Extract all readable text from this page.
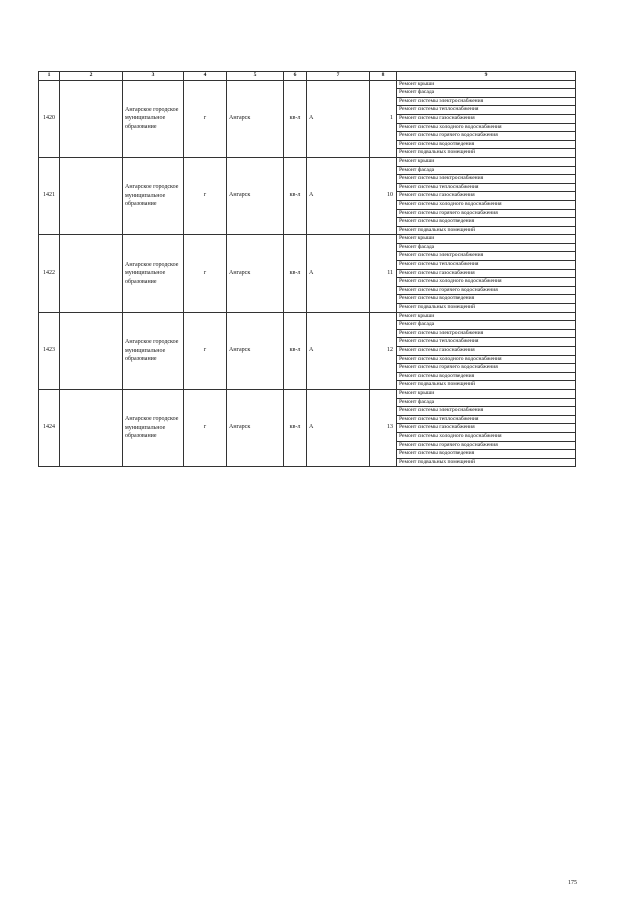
1	2	3	4	5	6	7	8	9
1420		Ангарское городское муниципальное образование	г	Ангарск	кв-л	А	1	Ремонт крыши
								Ремонт фасада
								Ремонт системы электроснабжения
								Ремонт системы теплоснабжения
								Ремонт системы газоснабжения
								Ремонт системы холодного водоснабжения
								Ремонт системы горячего водоснабжения
								Ремонт системы водоотведения
								Ремонт подвальных помещений
1421		Ангарское городское муниципальное образование	г	Ангарск	кв-л	А	10	Ремонт крыши
								Ремонт фасада
								Ремонт системы электроснабжения
								Ремонт системы теплоснабжения
								Ремонт системы газоснабжения
								Ремонт системы холодного водоснабжения
								Ремонт системы горячего водоснабжения
								Ремонт системы водоотведения
								Ремонт подвальных помещений
1422		Ангарское городское муниципальное образование	г	Ангарск	кв-л	А	11	Ремонт крыши
								Ремонт фасада
								Ремонт системы электроснабжения
								Ремонт системы теплоснабжения
								Ремонт системы газоснабжения
								Ремонт системы холодного водоснабжения
								Ремонт системы горячего водоснабжения
								Ремонт системы водоотведения
								Ремонт подвальных помещений
1423		Ангарское городское муниципальное образование	г	Ангарск	кв-л	А	12	Ремонт крыши
								Ремонт фасада
								Ремонт системы электроснабжения
								Ремонт системы теплоснабжения
								Ремонт системы газоснабжения
								Ремонт системы холодного водоснабжения
								Ремонт системы горячего водоснабжения
								Ремонт системы водоотведения
								Ремонт подвальных помещений
1424		Ангарское городское муниципальное образование	г	Ангарск	кв-л	А	13	Ремонт крыши
								Ремонт фасада
								Ремонт системы электроснабжения
								Ремонт системы теплоснабжения
								Ремонт системы газоснабжения
								Ремонт системы холодного водоснабжения
								Ремонт системы горячего водоснабжения
								Ремонт системы водоотведения
								Ремонт подвальных помещений
175
